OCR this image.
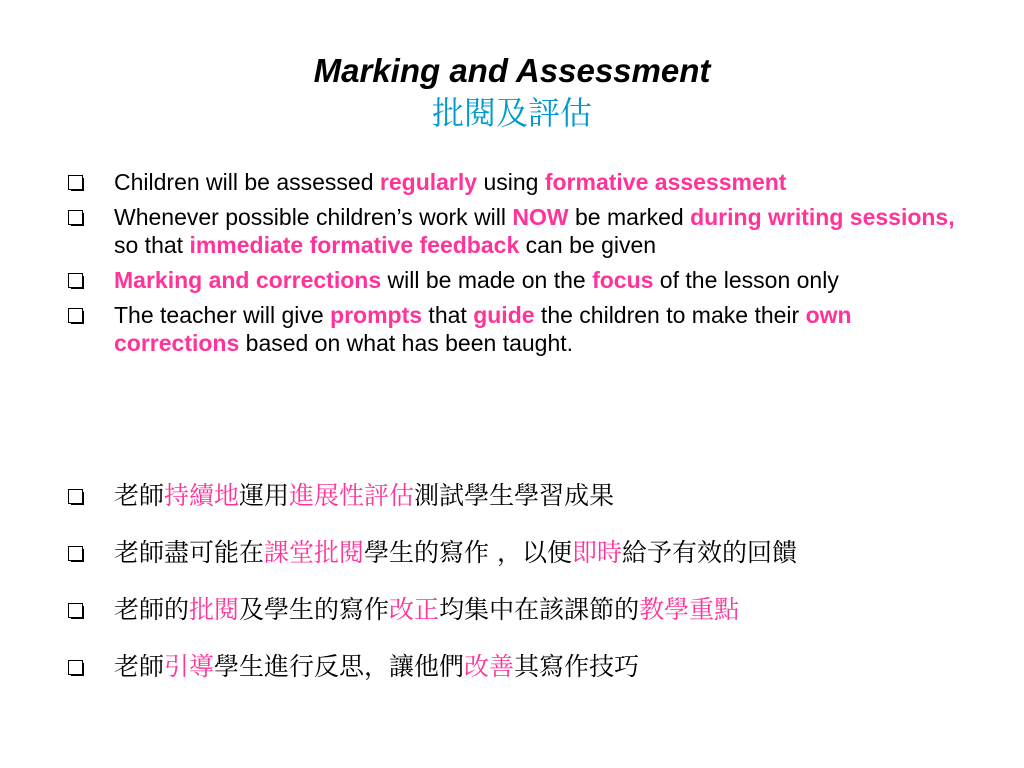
Marking and Assessment
批閱及評估
Children will be assessed regularly using formative assessment
Whenever possible children’s work will NOW be marked during writing sessions, so that immediate formative feedback can be given
Marking and corrections will be made on the focus of the lesson only
The teacher will give prompts that guide the children to make their own corrections based on what has been taught.
老師持續地運用進展性評估測試學生學習成果
老師盡可能在課堂批閱學生的寫作 ，以便即時給予有效的回饋
老師的批閱及學生的寫作改正均集中在該課節的教學重點
老師引導學生進行反思，讓他們改善其寫作技巧
